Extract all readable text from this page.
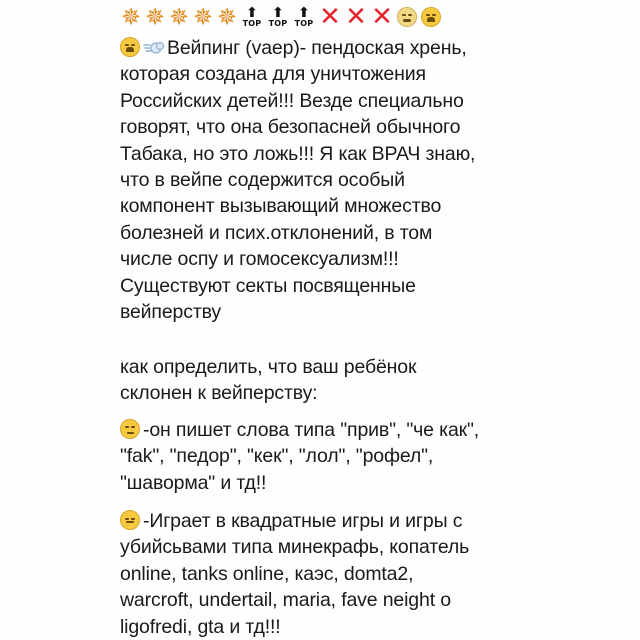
✵ ✵ ✵ ✵ ✵ ⬆
TOP
⬆
TOP
⬆
TOP ✕ ✕ ✕
Вейпинг (vaep)- пендоская хрень,
которая создана для уничтожения
Российских детей!!! Везде специально
говорят, что она безопасней обычного
Табака, но это ложь!!! Я как ВРАЧ знаю,
что в вейпе содержится особый
компонент вызывающий множество
болезней и псих.отклонений, в том
числе оспу и гомосексуализм!!!
Существуют секты посвященные
вейперству
как определить, что ваш ребёнок
склонен к вейперству:
-он пишет слова типа "прив", "че как",
"fak", "педор", "кек", "лол", "рофел",
"шаворма" и тд!!
-Играет в квадратные игры и игры с
убийсьвами типа минекрафь, копатель
online, tanks online, каэс, domta2,
warcroft, undertail, maria, fave neight o
ligofredi, gta и тд!!!
